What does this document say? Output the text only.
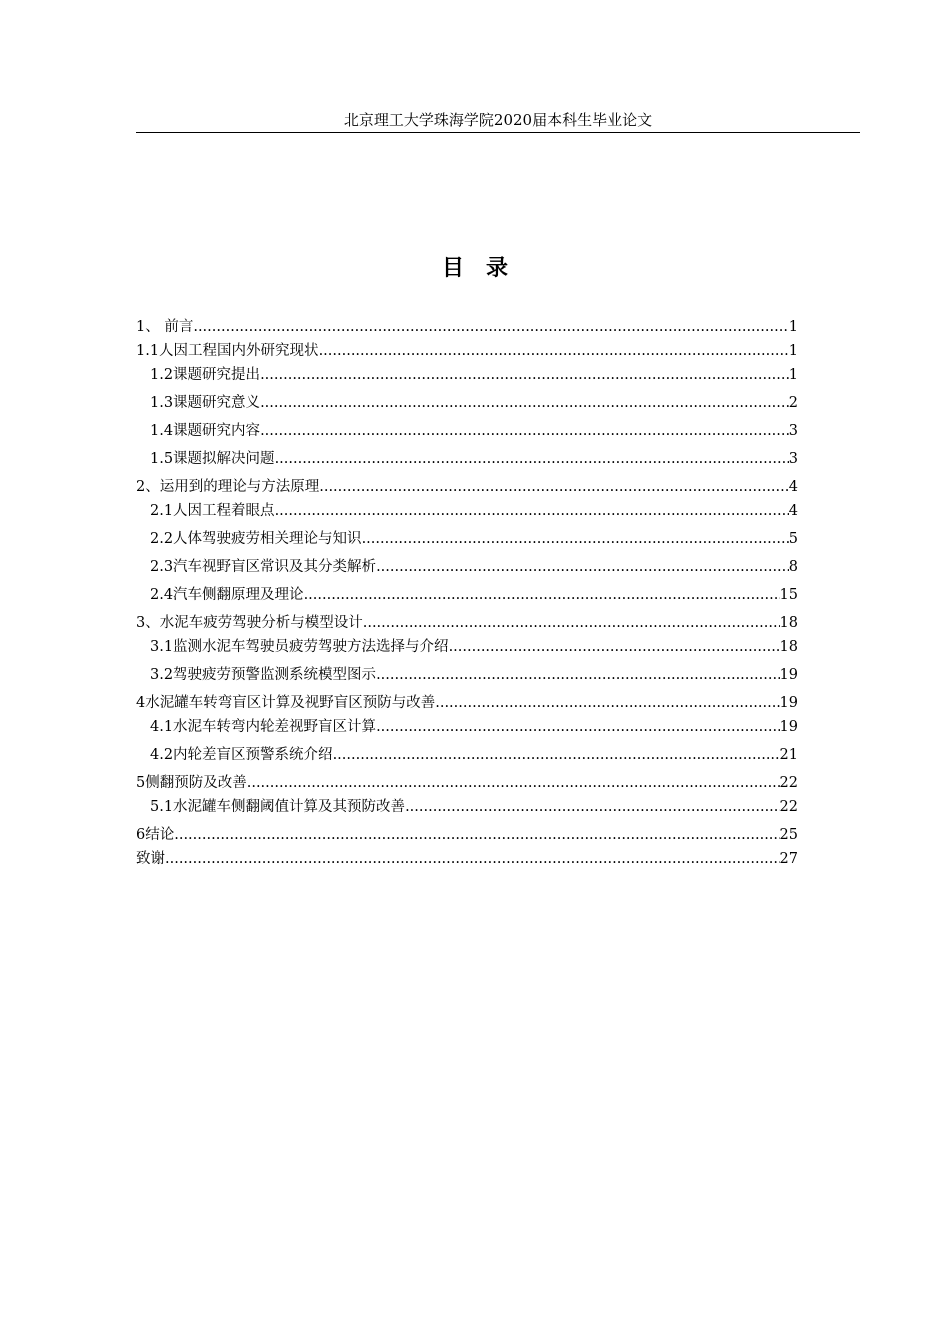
北京理工大学珠海学院2020届本科生毕业论文
目录
1、 前言 .....	1
1.1人因工程国内外研究现状 .....	1
1.2课题研究提出 .....	1
1.3课题研究意义 .....	2
1.4课题研究内容 .....	3
1.5课题拟解决问题 .....	3
2、运用到的理论与方法原理 .....	4
2.1人因工程着眼点 .....	4
2.2人体驾驶疲劳相关理论与知识 .....	5
2.3汽车视野盲区常识及其分类解析 .....	8
2.4汽车侧翻原理及理论 .....	15
3、水泥车疲劳驾驶分析与模型设计 .....	18
3.1监测水泥车驾驶员疲劳驾驶方法选择与介绍 .....	18
3.2驾驶疲劳预警监测系统模型图示 .....	19
4水泥罐车转弯盲区计算及视野盲区预防与改善 .....	19
4.1水泥车转弯内轮差视野盲区计算 .....	19
4.2内轮差盲区预警系统介绍 .....	21
5侧翻预防及改善 .....	22
5.1水泥罐车侧翻阈值计算及其预防改善 .....	22
6结论 .....	25
致谢 .....	27
